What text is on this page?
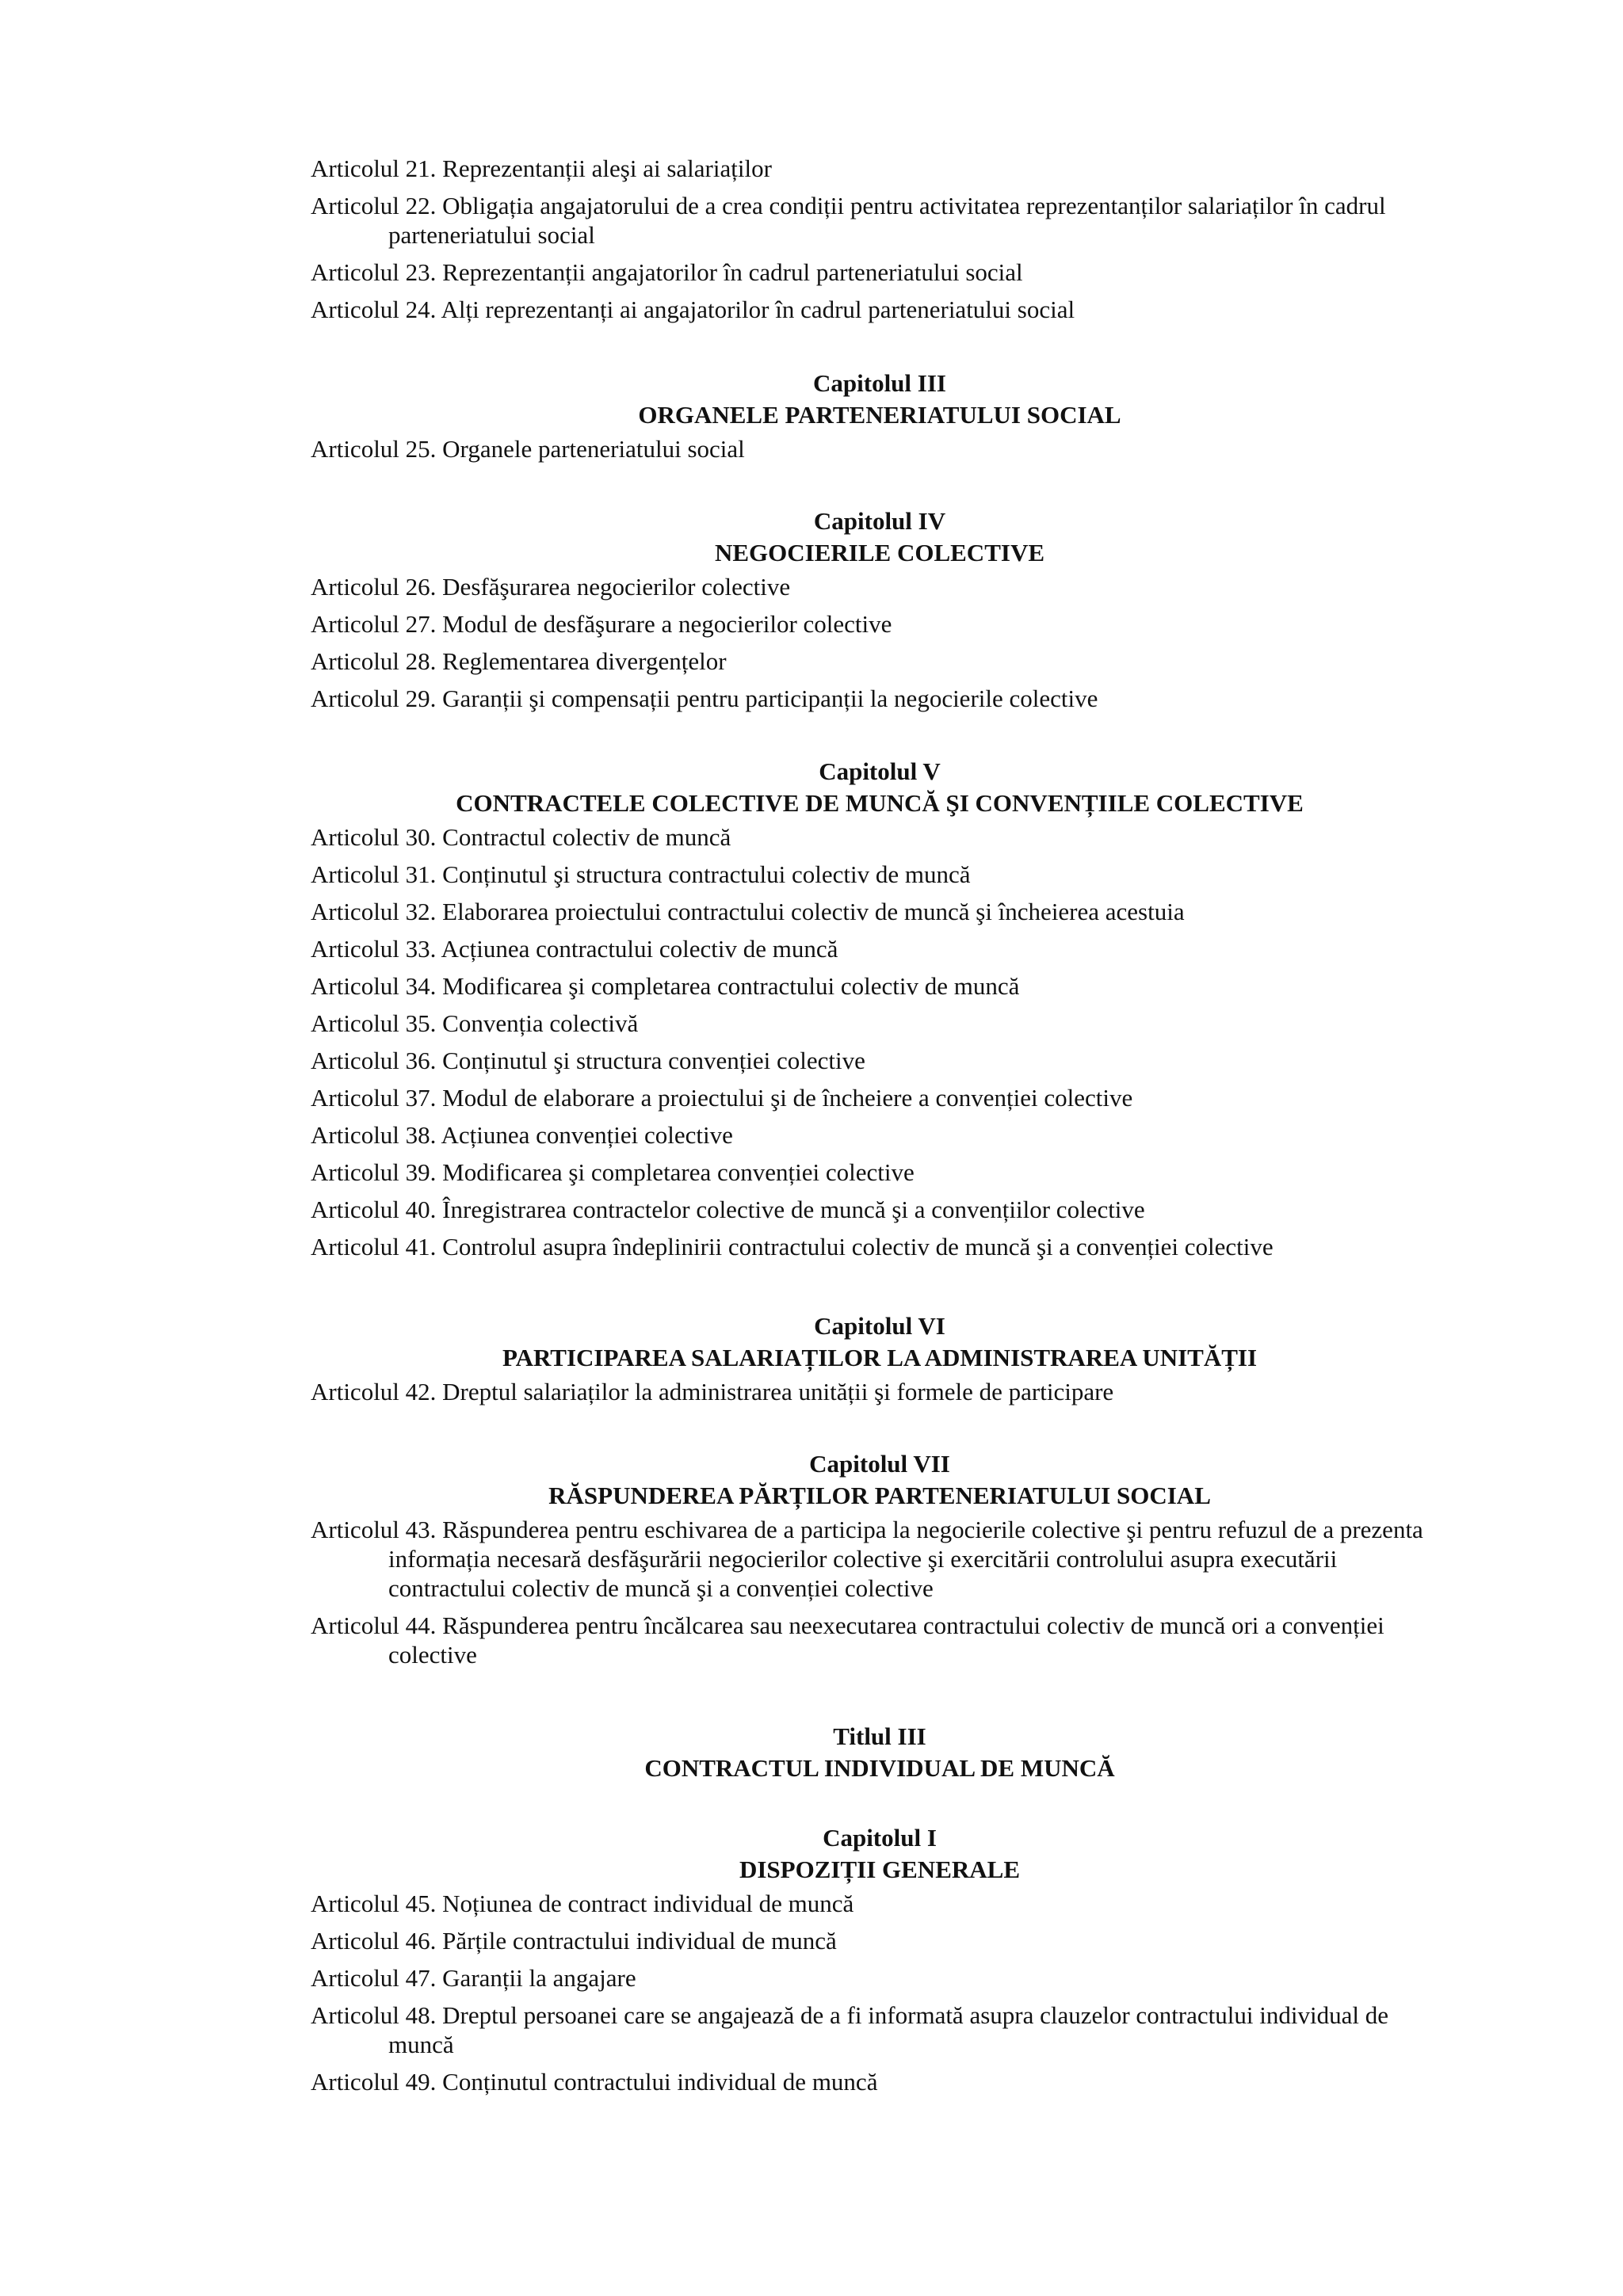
Articolul 21. Reprezentanții aleşi ai salariaților

Articolul 22. Obligația angajatorului de a crea condiții pentru activitatea reprezentanților salariaților în cadrul parteneriatului social

Articolul 23. Reprezentanții angajatorilor în cadrul parteneriatului social

Articolul 24. Alți reprezentanți ai angajatorilor în cadrul parteneriatului social

Capitolul III
ORGANELE PARTENERIATULUI SOCIAL

Articolul 25. Organele parteneriatului social

Capitolul IV
NEGOCIERILE COLECTIVE

Articolul 26. Desfăşurarea negocierilor colective

Articolul 27. Modul de desfăşurare a negocierilor colective

Articolul 28. Reglementarea divergențelor

Articolul 29. Garanții şi compensații pentru participanții la negocierile colective

Capitolul V
CONTRACTELE COLECTIVE DE MUNCĂ ŞI CONVENȚIILE COLECTIVE

Articolul 30. Contractul colectiv de muncă

Articolul 31. Conținutul şi structura contractului colectiv de muncă

Articolul 32. Elaborarea proiectului contractului colectiv de muncă şi încheierea acestuia

Articolul 33. Acțiunea contractului colectiv de muncă

Articolul 34. Modificarea şi completarea contractului colectiv de muncă

Articolul 35. Convenția colectivă

Articolul 36. Conținutul şi structura convenției colective

Articolul 37. Modul de elaborare a proiectului şi de încheiere a convenției colective

Articolul 38. Acțiunea convenției colective

Articolul 39. Modificarea şi completarea convenției colective

Articolul 40. Înregistrarea contractelor colective de muncă şi a convențiilor colective

Articolul 41. Controlul asupra îndeplinirii contractului colectiv de muncă şi a convenției colective

Capitolul VI
PARTICIPAREA SALARIAȚILOR LA ADMINISTRAREA UNITĂȚII

Articolul 42. Dreptul salariaților la administrarea unității şi formele de participare

Capitolul VII
RĂSPUNDEREA PĂRȚILOR PARTENERIATULUI SOCIAL

Articolul 43. Răspunderea pentru eschivarea de a participa la negocierile colective şi pentru refuzul de a prezenta informația necesară desfăşurării negocierilor colective şi exercitării controlului asupra executării contractului colectiv de muncă şi a convenției colective

Articolul 44. Răspunderea pentru încălcarea sau neexecutarea contractului colectiv de muncă ori a convenției colective

Titlul III
CONTRACTUL INDIVIDUAL DE MUNCĂ
Capitolul I
DISPOZIȚII GENERALE

Articolul 45. Noțiunea de contract individual de muncă

Articolul 46. Părțile contractului individual de muncă

Articolul 47. Garanții la angajare

Articolul 48. Dreptul persoanei care se angajează de a fi informată asupra clauzelor contractului individual de muncă

Articolul 49. Conținutul contractului individual de muncă
